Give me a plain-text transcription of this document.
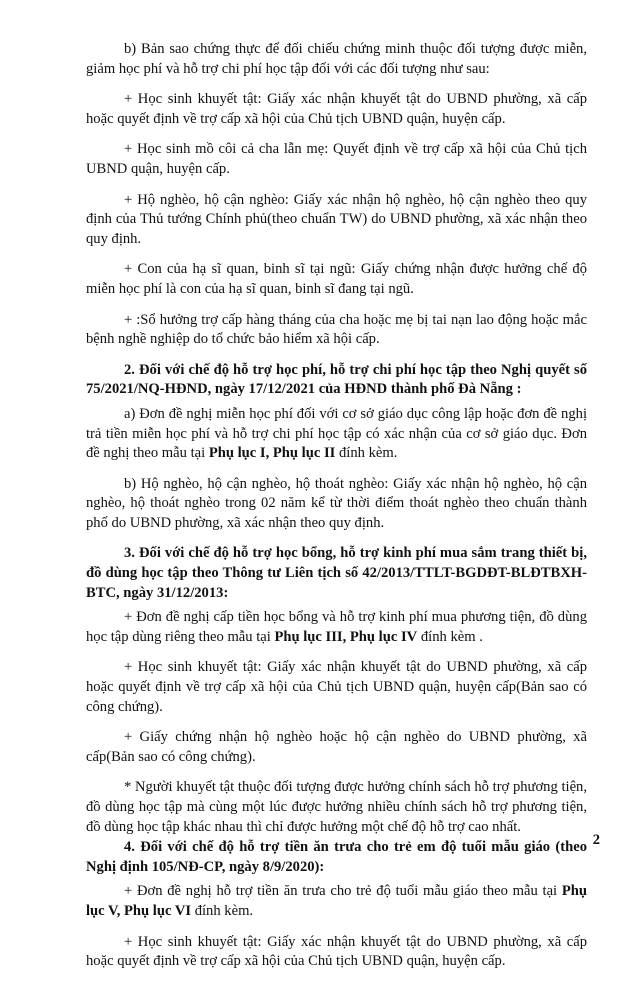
b) Bản sao chứng thực để đối chiếu chứng minh thuộc đối tượng được miễn, giảm học phí và hỗ trợ chi phí học tập đối với các đối tượng như sau:

+ Học sinh khuyết tật: Giấy xác nhận khuyết tật do UBND phường, xã cấp hoặc quyết định về trợ cấp xã hội của Chủ tịch UBND quận, huyện cấp.

+ Học sinh mồ côi cả cha lẫn mẹ: Quyết định về trợ cấp xã hội của Chủ tịch UBND quận, huyện cấp.

+ Hộ nghèo, hộ cận nghèo: Giấy xác nhận hộ nghèo, hộ cận nghèo theo quy định của Thủ tướng Chính phủ(theo chuẩn TW) do UBND phường, xã xác nhận theo quy định.

+ Con của hạ sĩ quan, binh sĩ tại ngũ: Giấy chứng nhận được hưởng chế độ miễn học phí là con của hạ sĩ quan, binh sĩ đang tại ngũ.

+ :Sổ hưởng trợ cấp hàng tháng của cha hoặc mẹ bị tai nạn lao động hoặc mắc bệnh nghề nghiệp do tổ chức bảo hiểm xã hội cấp.

2. Đối với chế độ hỗ trợ học phí, hỗ trợ chi phí học tập theo Nghị quyết số 75/2021/NQ-HĐND, ngày 17/12/2021 của HĐND thành phố Đà Nẵng :

a) Đơn đề nghị miễn học phí đối với cơ sở giáo dục công lập hoặc đơn đề nghị trả tiền miễn học phí và hỗ trợ chi phí học tập có xác nhận của cơ sở giáo dục. Đơn đề nghị theo mẫu tại Phụ lục I, Phụ lục II đính kèm.

b) Hộ nghèo, hộ cận nghèo, hộ thoát nghèo: Giấy xác nhận hộ nghèo, hộ cận nghèo, hộ thoát nghèo trong 02 năm kể từ thời điểm thoát nghèo theo chuẩn thành phố do UBND phường, xã xác nhận theo quy định.

3. Đối với chế độ hỗ trợ học bổng, hỗ trợ kinh phí mua sắm trang thiết bị, đồ dùng học tập theo Thông tư Liên tịch số 42/2013/TTLT-BGDĐT-BLĐTBXH-BTC, ngày 31/12/2013:

+ Đơn đề nghị cấp tiền học bổng và hỗ trợ kinh phí mua phương tiện, đồ dùng học tập dùng riêng theo mẫu tại Phụ lục III, Phụ lục IV đính kèm .

+ Học sinh khuyết tật: Giấy xác nhận khuyết tật do UBND phường, xã cấp hoặc quyết định về trợ cấp xã hội của Chủ tịch UBND quận, huyện cấp(Bản sao có công chứng).

+ Giấy chứng nhận hộ nghèo hoặc hộ cận nghèo do UBND phường, xã cấp(Bản sao có công chứng).

* Người khuyết tật thuộc đối tượng được hưởng chính sách hỗ trợ phương tiện, đồ dùng học tập mà cùng một lúc được hưởng nhiều chính sách hỗ trợ phương tiện, đồ dùng học tập khác nhau thì chỉ được hưởng một chế độ hỗ trợ cao nhất.

4. Đối với chế độ hỗ trợ tiền ăn trưa cho trẻ em độ tuổi mẫu giáo (theo Nghị định 105/NĐ-CP, ngày 8/9/2020):

+ Đơn đề nghị hỗ trợ tiền ăn trưa cho trẻ độ tuổi mẫu giáo theo mẫu tại Phụ lục V, Phụ lục VI đính kèm.

+ Học sinh khuyết tật: Giấy xác nhận khuyết tật do UBND phường, xã cấp hoặc quyết định về trợ cấp xã hội của Chủ tịch UBND quận, huyện cấp.

2
